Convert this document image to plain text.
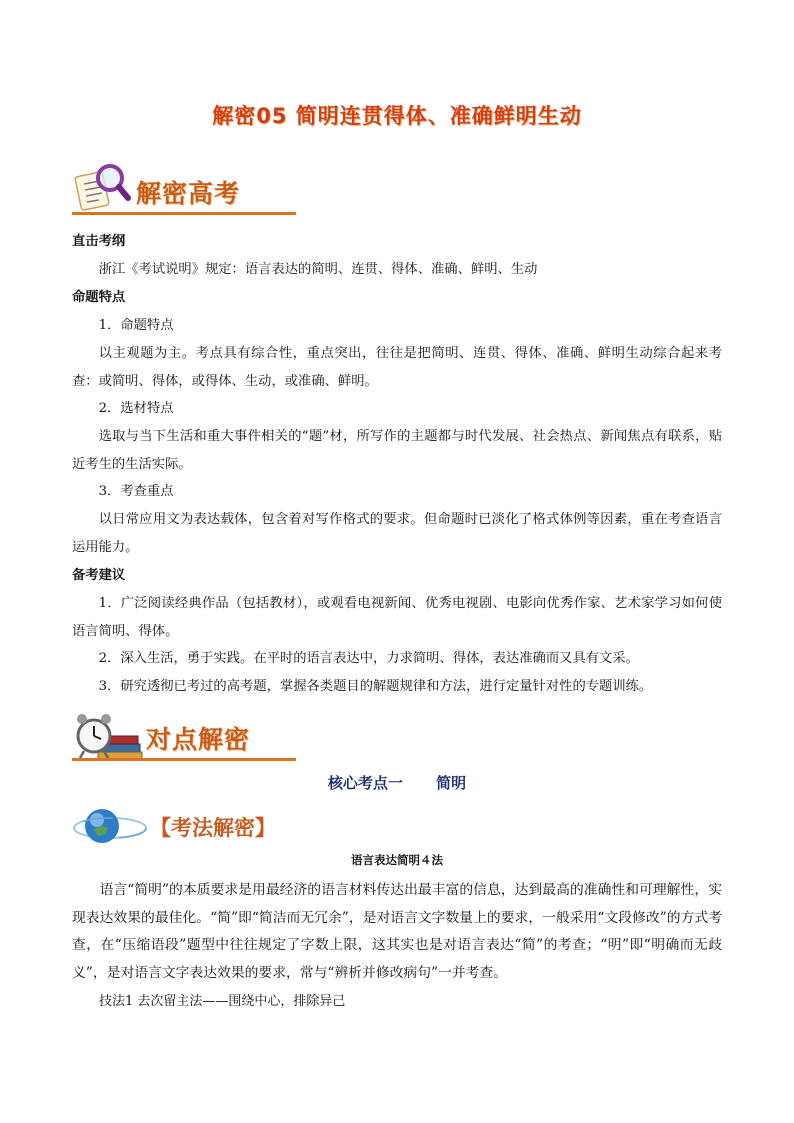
解密05 简明连贯得体、准确鲜明生动
解密高考
直击考纲
浙江《考试说明》规定：语言表达的简明、连贯、得体、准确、鲜明、生动
命题特点
1．命题特点
以主观题为主。考点具有综合性，重点突出，往往是把简明、连贯、得体、准确、鲜明生动综合起来考查：或简明、得体，或得体、生动，或准确、鲜明。
2．选材特点
选取与当下生活和重大事件相关的“题”材，所写作的主题都与时代发展、社会热点、新闻焦点有联系，贴近考生的生活实际。
3．考查重点
以日常应用文为表达载体，包含着对写作格式的要求。但命题时已淡化了格式体例等因素，重在考查语言运用能力。
备考建议
1．广泛阅读经典作品（包括教材），或观看电视新闻、优秀电视剧、电影向优秀作家、艺术家学习如何使语言简明、得体。
2．深入生活，勇于实践。在平时的语言表达中，力求简明、得体，表达准确而又具有文采。
3．研究透彻已考过的高考题，掌握各类题目的解题规律和方法，进行定量针对性的专题训练。
对点解密
核心考点一 简明
【考法解密】
语言表达简明４法
语言“简明”的本质要求是用最经济的语言材料传达出最丰富的信息，达到最高的准确性和可理解性，实现表达效果的最佳化。“简”即“简洁而无冗余”，是对语言文字数量上的要求，一般采用“文段修改”的方式考查，在“压缩语段”题型中往往规定了字数上限，这其实也是对语言表达“简”的考查；“明”即“明确而无歧义”，是对语言文字表达效果的要求，常与“辨析并修改病句”一并考查。
技法1 去次留主法——围绕中心，排除异己
